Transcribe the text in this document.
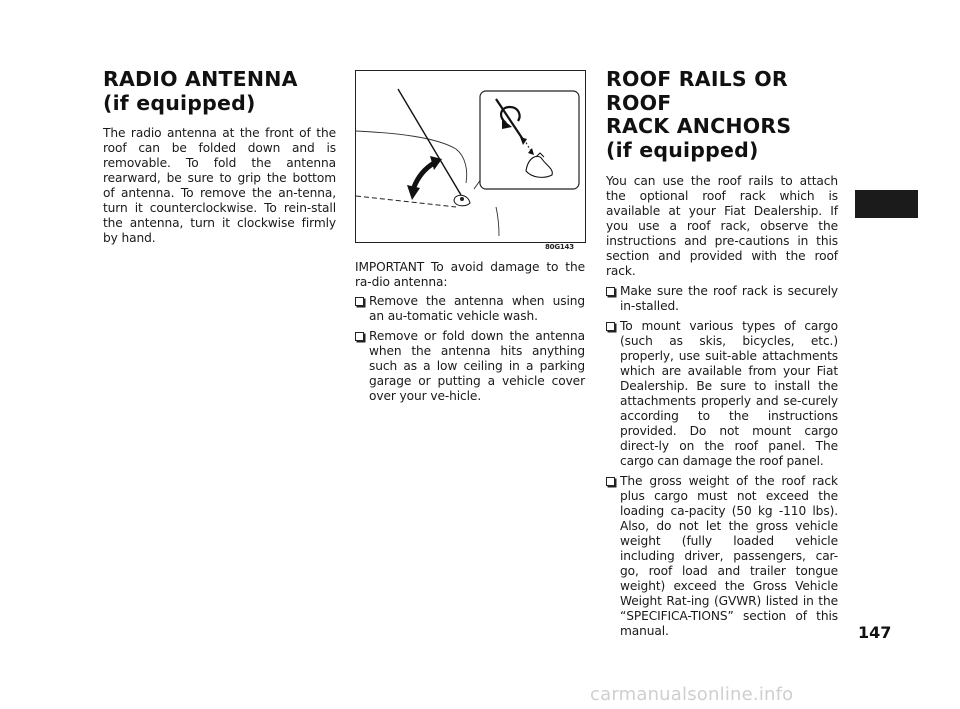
RADIO ANTENNA
(if equipped)

The radio antenna at the front of the roof can be folded down and is removable. To fold the antenna rearward, be sure to grip the bottom of antenna. To remove the an-tenna, turn it counterclockwise. To rein-stall the antenna, turn it clockwise firmly by hand.

80G143

IMPORTANT To avoid damage to the ra-dio antenna:

Remove the antenna when using an au-tomatic vehicle wash.
Remove or fold down the antenna when the antenna hits anything such as a low ceiling in a parking garage or putting a vehicle cover over your ve-hicle.
ROOF RAILS OR ROOF
RACK ANCHORS
(if equipped)

You can use the roof rails to attach the optional roof rack which is available at your Fiat Dealership. If you use a roof rack, observe the instructions and pre-cautions in this section and provided with the roof rack.

Make sure the roof rack is securely in-stalled.
To mount various types of cargo (such as skis, bicycles, etc.) properly, use suit-able attachments which are available from your Fiat Dealership. Be sure to install the attachments properly and se-curely according to the instructions provided. Do not mount cargo direct-ly on the roof panel. The cargo can damage the roof panel.
The gross weight of the roof rack plus cargo must not exceed the loading ca-pacity (50 kg -110 lbs). Also, do not let the gross vehicle weight (fully loaded vehicle including driver, passengers, car-go, roof load and trailer tongue weight) exceed the Gross Vehicle Weight Rat-ing (GVWR) listed in the “SPECIFICA-TIONS” section of this manual.	147
carmanualsonline.info
